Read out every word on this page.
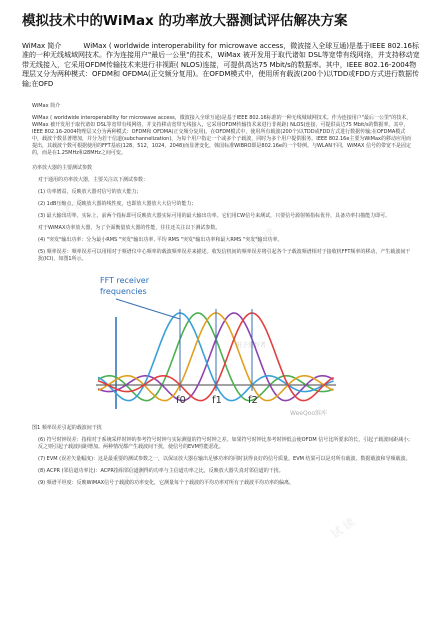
试 读
试 读
试 读
试 读
模拟技术中的WiMax 的功率放大器测试评估解决方案
WiMax 简介	WiMax ( worldwide interoperability for microwave access，微波接入全球互通)是基于IEEE 802.16标准的一种无线城域网技术。作为连接用户"最后一公里"的技术，WiMax 被开发用于取代诸如 DSL等宽带有线网络，并支持移动宽带无线接入，它采用OFDM传输技术来进行非视距( NLOS)连接，可提供高达75 Mbit/s的数据率。其中，IEEE 802.16-2004物理层又分为两种模式：OFDM和 OFDMA(正交频分复用)。在OFDM模式中，使用所有载波(200个)以TDD或FDD方式进行数据传输;在OFD

WiMax 简介

WiMax ( worldwide interoperability for microwave access，微波接入全球互通)是基于IEEE 802.16标准的一种无线城域网技术。作为连接用户"最后一公里"的技术，WiMax 被开发用于取代诸如 DSL等宽带有线网络，并支持移动宽带无线接入，它采用OFDM传输技术来进行非视距( NLOS)连接，可提供高达75 Mbit/s的数据率。其中，IEEE 802.16-2004物理层又分为两种模式：OFDM和 OFDMA(正交频分复用)。在OFDM模式中，使用所有载波(200个)以TDD或FDD方式进行数据传输;在OFDMA模式中，载波个数显著增加，并分为若干信道(subchannelization)，为每个用户指定一个或多个子载波，同时为多个用户提供服务。IEEE 802.16e主要为WiMax的移动应用而提出，其载波个数可根据使用的FFT基底(128，512，1024，2048)而显著变化，韩国标准WIBRO即是802.16e的一个特例。与WLAN不同，WiMAX 信号的带宽不是固定的，而是在1.25MHz和28MHz之间可变。

功率放大器的主要测试参数

对于通用的功率放大器，主要关注以下测试参数：

(1) 功率增益，反映放大器对信号的放大能力;

(2) 1dB压缩点，反映放大器的线性度，也即放大器放大大信号的能力;

(3) 最大输出功率，实际上，前两个指标即可反映放大器实际可用的最大输出功率。它们用CW信号来测试，只要信号源射频指标优异，具备功率扫描能力即可。

对于WiMAX功率放大器，为了全面衡量放大器的性能，往往还关注以下测试参数。

(4) "突发"输出功率：分为最小RMS "突发"输出功率, 平均 RMS "突发"输出功率和最大RMS "突发"输出功率。

(5) 频率误差：频率误差可以用相对于频谱仪中心频率的载波频率误差来描述。收发信机间的频率误差将引起各个子载波频谱相对于接收机FFT频率的移动，产生载波间干扰(ICI)，如图1所示。

FFT receiver
frequencies
电子爱好者
WeeQoo维库
f0	f1	f2

图1 频率误差引起的载波间干扰

(6) 符号时钟误差：指相对于系统采样时钟的参考符号时钟与实际测量的符号时钟之差。如果符号时钟比参考时钟低会使OFDM 信号比所要求的长，引起子载波间距减小;反之则引起子载波间距增加。两种情况都产生载波间干扰，使信号的EVM性能恶化。

(7) EVM (误差矢量幅度)：这是最重要的测试参数之一，以保证放大器在输出足够功率的同时获得良好的信号质量。EVM 结果可以是对所有载波、数据载波和导频载波。

(8) ACPR (邻信道功率比)：ACPR指相邻信道测得的功率与主信道功率之比，反映放大器失真对邻信道的干扰。

(9) 频谱平坦度：反映WiMAX信号子载波的功率变化，它测量每个子载波的平均功率对所有子载波平均功率的偏离。
